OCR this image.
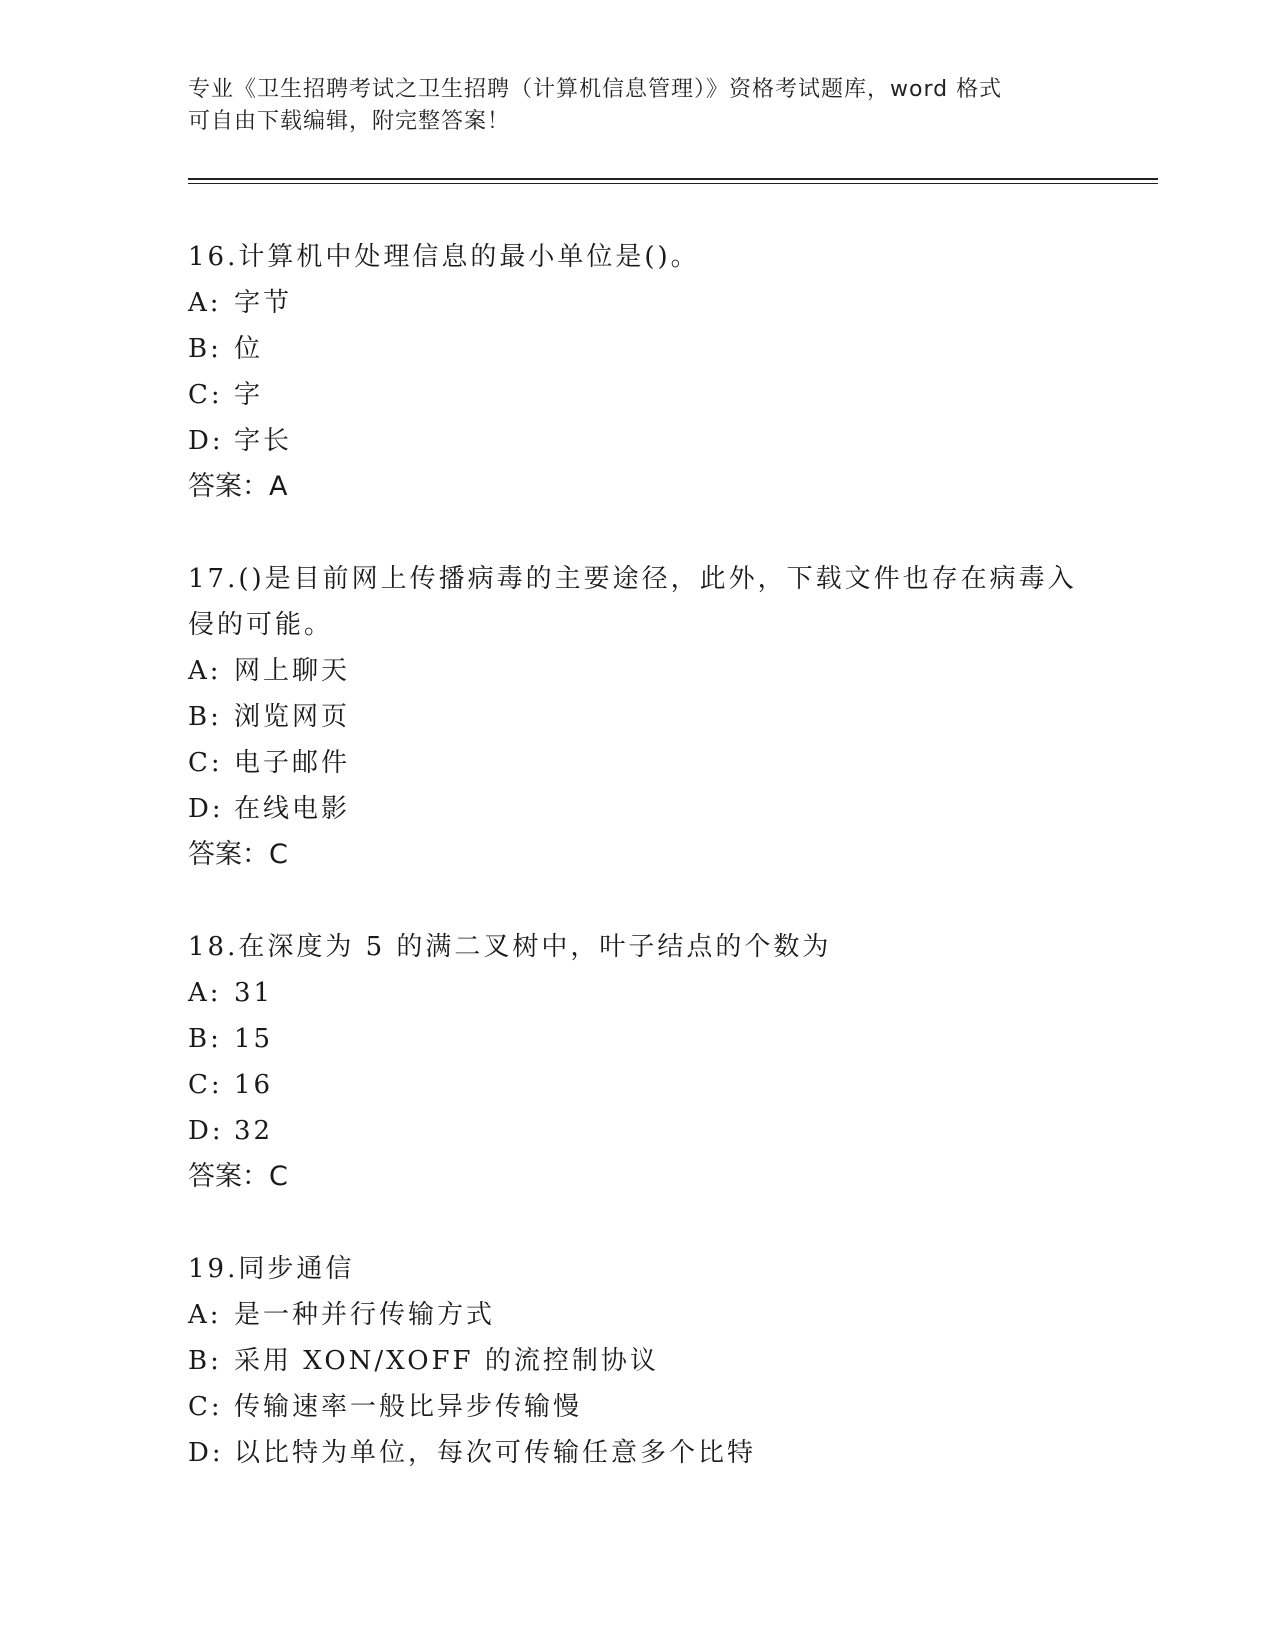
专业《卫生招聘考试之卫生招聘（计算机信息管理）》资格考试题库，word 格式
可自由下载编辑，附完整答案！
16.计算机中处理信息的最小单位是()。
A: 字节
B: 位
C: 字
D: 字长
答案：A
17.()是目前网上传播病毒的主要途径，此外，下载文件也存在病毒入
侵的可能。
A: 网上聊天
B: 浏览网页
C: 电子邮件
D: 在线电影
答案：C
18.在深度为 5 的满二叉树中，叶子结点的个数为
A: 31
B: 15
C: 16
D: 32
答案：C
19.同步通信
A: 是一种并行传输方式
B: 采用 XON/XOFF 的流控制协议
C: 传输速率一般比异步传输慢
D: 以比特为单位，每次可传输任意多个比特
